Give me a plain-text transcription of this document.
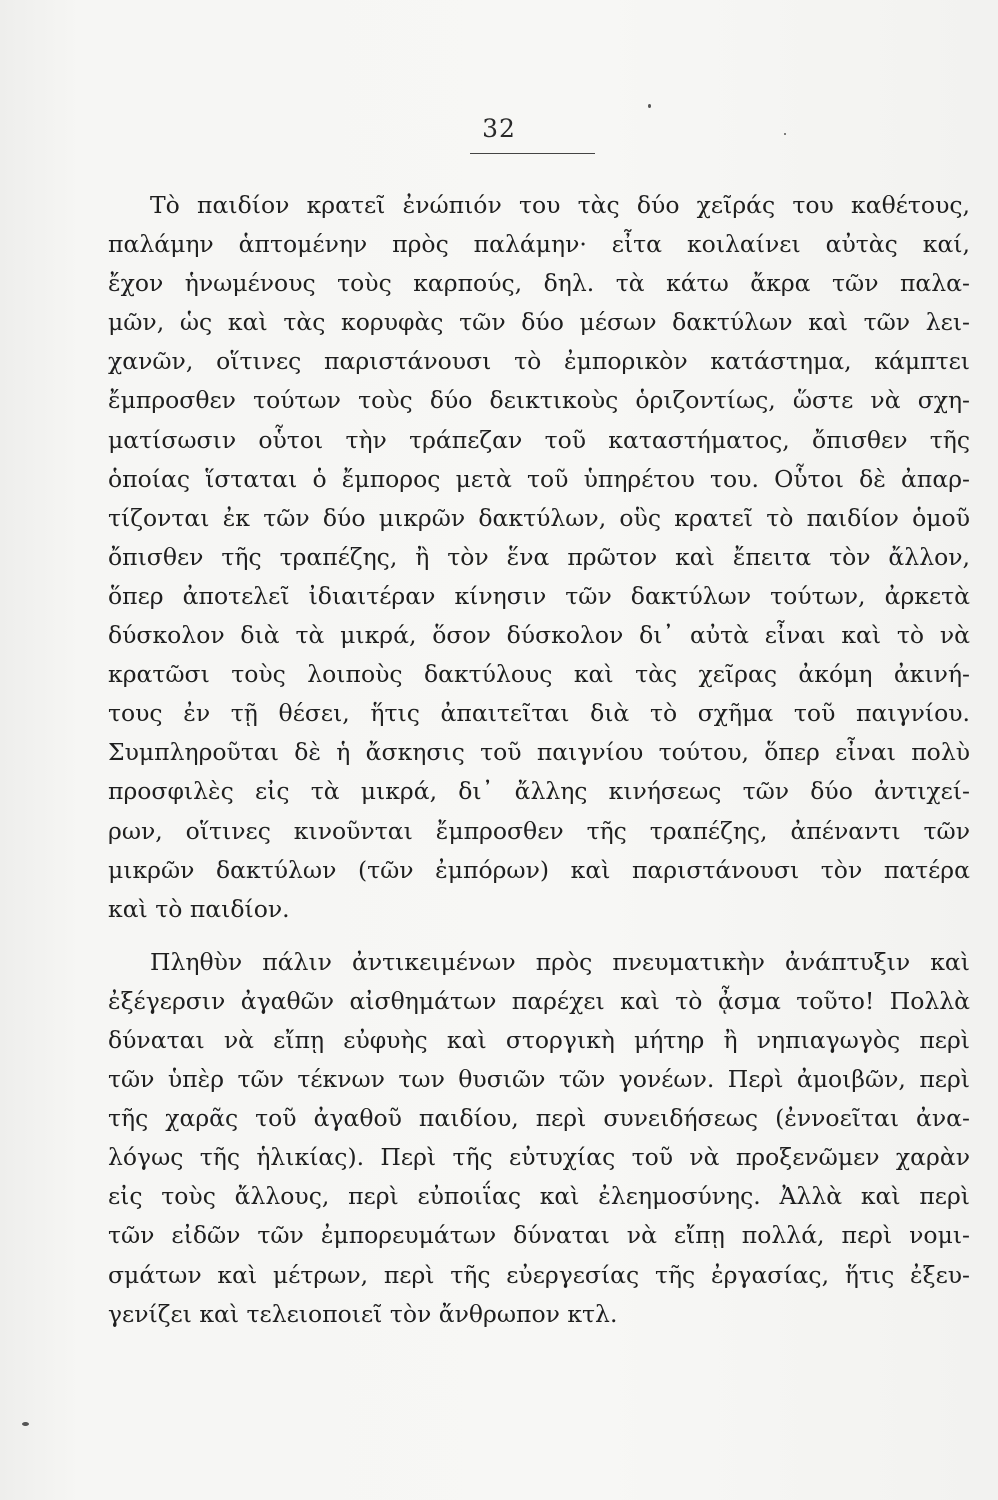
32
Τὸ παιδίον κρατεῖ ἐνώπιόν του τὰς δύο χεῖράς του καθέτους,
παλάμην ἁπτομένην πρὸς παλάμην· εἶτα κοιλαίνει αὐτὰς καί,
ἔχον ἡνωμένους τοὺς καρπούς, δηλ. τὰ κάτω ἄκρα τῶν παλα-
μῶν, ὡς καὶ τὰς κορυφὰς τῶν δύο μέσων δακτύλων καὶ τῶν λει-
χανῶν, οἵτινες παριστάνουσι τὸ ἐμπορικὸν κατάστημα, κάμπτει
ἔμπροσθεν τούτων τοὺς δύο δεικτικοὺς ὁριζοντίως, ὥστε νὰ σχη-
ματίσωσιν οὗτοι τὴν τράπεζαν τοῦ καταστήματος, ὄπισθεν τῆς
ὁποίας ἵσταται ὁ ἔμπορος μετὰ τοῦ ὑπηρέτου του. Οὗτοι δὲ ἀπαρ-
τίζονται ἐκ τῶν δύο μικρῶν δακτύλων, οὓς κρατεῖ τὸ παιδίον ὁμοῦ
ὄπισθεν τῆς τραπέζης, ἢ τὸν ἕνα πρῶτον καὶ ἔπειτα τὸν ἄλλον,
ὅπερ ἀποτελεῖ ἰδιαιτέραν κίνησιν τῶν δακτύλων τούτων, ἀρκετὰ
δύσκολον διὰ τὰ μικρά, ὅσον δύσκολον δι᾽ αὐτὰ εἶναι καὶ τὸ νὰ
κρατῶσι τοὺς λοιποὺς δακτύλους καὶ τὰς χεῖρας ἀκόμη ἀκινή-
τους ἐν τῇ θέσει, ἥτις ἀπαιτεῖται διὰ τὸ σχῆμα τοῦ παιγνίου.
Συμπληροῦται δὲ ἡ ἄσκησις τοῦ παιγνίου τούτου, ὅπερ εἶναι πολὺ
προσφιλὲς εἰς τὰ μικρά, δι᾽ ἄλλης κινήσεως τῶν δύο ἀντιχεί-
ρων, οἵτινες κινοῦνται ἔμπροσθεν τῆς τραπέζης, ἀπέναντι τῶν
μικρῶν δακτύλων (τῶν ἐμπόρων) καὶ παριστάνουσι τὸν πατέρα
καὶ τὸ παιδίον.
Πληθὺν πάλιν ἀντικειμένων πρὸς πνευματικὴν ἀνάπτυξιν καὶ
ἐξέγερσιν ἀγαθῶν αἰσθημάτων παρέχει καὶ τὸ ᾆσμα τοῦτο! Πολλὰ
δύναται νὰ εἴπῃ εὐφυὴς καὶ στοργικὴ μήτηρ ἢ νηπιαγωγὸς περὶ
τῶν ὑπὲρ τῶν τέκνων των θυσιῶν τῶν γονέων. Περὶ ἀμοιβῶν, περὶ
τῆς χαρᾶς τοῦ ἀγαθοῦ παιδίου, περὶ συνειδήσεως (ἐννοεῖται ἀνα-
λόγως τῆς ἡλικίας). Περὶ τῆς εὐτυχίας τοῦ νὰ προξενῶμεν χαρὰν
εἰς τοὺς ἄλλους, περὶ εὐποιΐας καὶ ἐλεημοσύνης. Ἀλλὰ καὶ περὶ
τῶν εἰδῶν τῶν ἐμπορευμάτων δύναται νὰ εἴπῃ πολλά, περὶ νομι-
σμάτων καὶ μέτρων, περὶ τῆς εὐεργεσίας τῆς ἐργασίας, ἥτις ἐξευ-
γενίζει καὶ τελειοποιεῖ τὸν ἄνθρωπον κτλ.
